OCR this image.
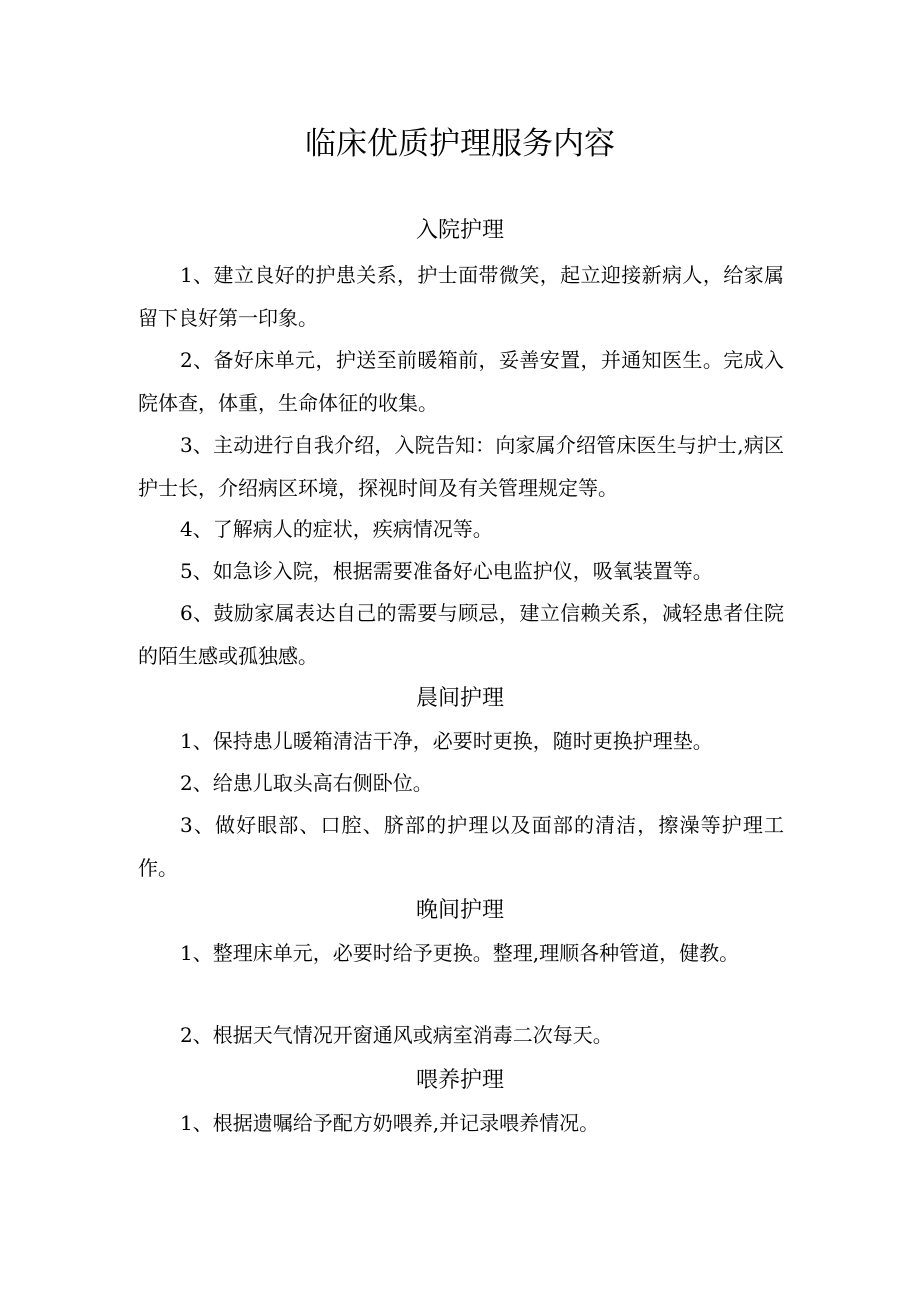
临床优质护理服务内容
入院护理

1、建立良好的护患关系，护士面带微笑，起立迎接新病人，给家属留下良好第一印象。

2、备好床单元，护送至前暖箱前，妥善安置，并通知医生。完成入院体查，体重，生命体征的收集。

3、主动进行自我介绍，入院告知：向家属介绍管床医生与护士,病区护士长，介绍病区环境，探视时间及有关管理规定等。

4、了解病人的症状，疾病情况等。

5、如急诊入院，根据需要准备好心电监护仪，吸氧装置等。

6、鼓励家属表达自己的需要与顾忌，建立信赖关系，减轻患者住院的陌生感或孤独感。

晨间护理

1、保持患儿暖箱清洁干净，必要时更换，随时更换护理垫。

2、给患儿取头高右侧卧位。

3、做好眼部、口腔、脐部的护理以及面部的清洁，擦澡等护理工作。

晚间护理

1、整理床单元，必要时给予更换。整理,理顺各种管道，健教。

2、根据天气情况开窗通风或病室消毒二次每天。

喂养护理

1、根据遗嘱给予配方奶喂养,并记录喂养情况。
